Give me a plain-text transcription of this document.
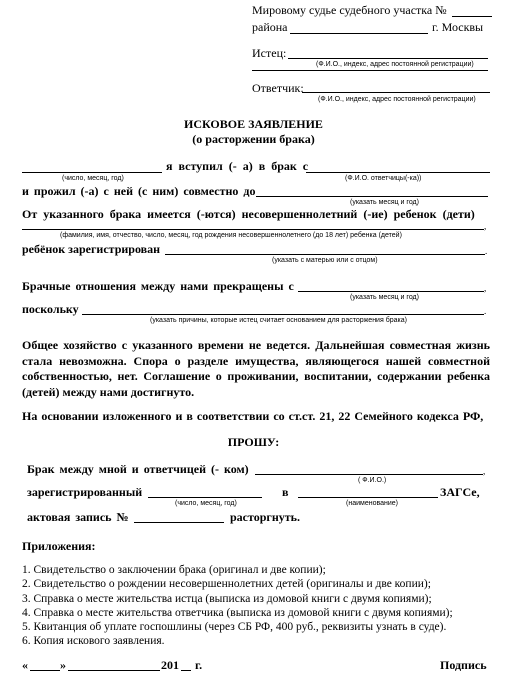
Мировому судье судебного участка №
района	г. Москвы
Истец:
(Ф.И.О., индекс, адрес постоянной регистрации)
Ответчик:
(Ф.И.О., индекс, адрес постоянной регистрации)
ИСКОВОЕ ЗАЯВЛЕНИЕ
(о расторжении брака)
я вступил (- а) в брак с
(число, месяц, год)	(Ф.И.О. ответчицы(-ка))
и прожил (-а) с ней (с ним) совместно до
(указать месяц и год)
От указанного брака имеется (-ются) несовершеннолетний (-ие) ребенок (дети)
,
(фамилия, имя, отчество, число, месяц, год рождения несовершеннолетнего (до 18 лет) ребенка (детей)
ребёнок зарегистрирован	.
(указать с матерью или с отцом)
Брачные отношения между нами прекращены с	,
(указать месяц и год)
поскольку	.
(указать причины, которые истец считает основанием для расторжения брака)
Общее хозяйство с указанного времени не ведется. Дальнейшая совместная жизнь стала невозможна. Спора о разделе имущества, являющегося нашей совместной собственностью, нет. Соглашение о проживании, воспитании, содержании ребенка (детей) между нами достигнуто.
На основании изложенного и в соответствии со ст.ст. 21, 22 Семейного кодекса РФ,
ПРОШУ:
Брак между мной и ответчицей (- ком)	,
( Ф.И.О.)
зарегистрированный	в	ЗАГСе,
(число, месяц, год)	(наименование)
актовая запись №	расторгнуть.
Приложения:
1. Свидетельство о заключении брака (оригинал и две копии);
2. Свидетельство о рождении несовершеннолетних детей (оригиналы и две копии);
3. Справка о месте жительства истца (выписка из домовой книги с двумя копиями);
4. Справка о месте жительства ответчика (выписка из домовой книги с двумя копиями);
5. Квитанция об уплате госпошлины (через СБ РФ, 400 руб., реквизиты узнать в суде).
6. Копия искового заявления.
«	»	201 г.	Подпись
